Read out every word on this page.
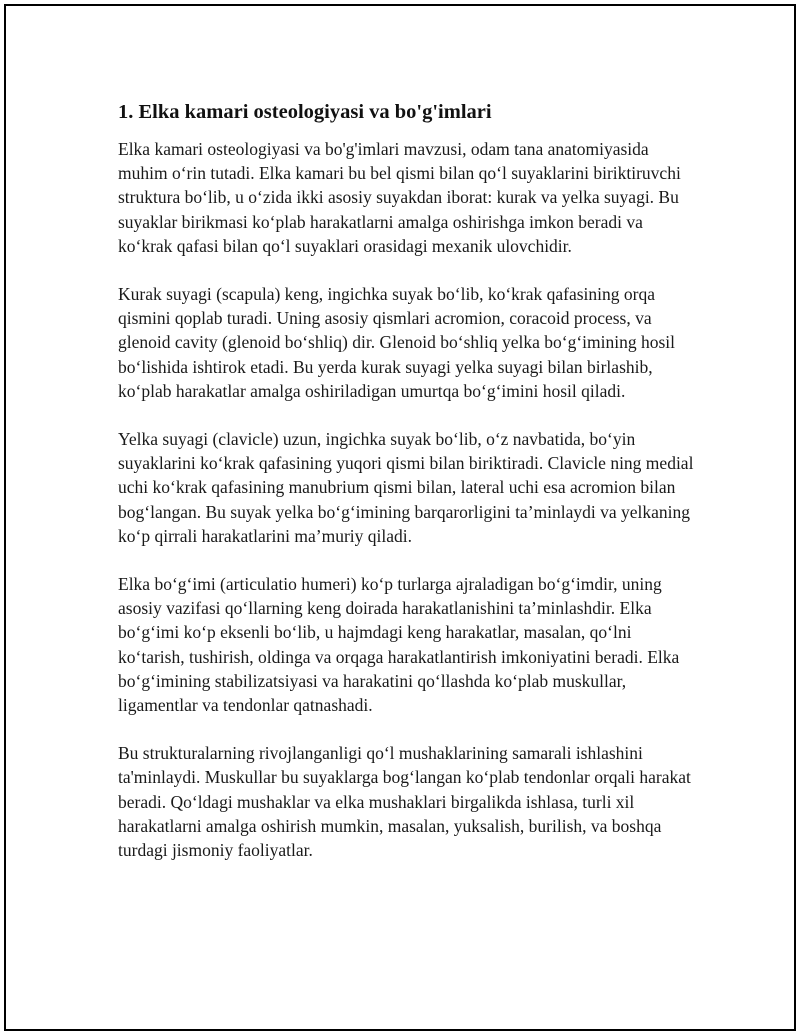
1. Elka kamari osteologiyasi va bo'g'imlari

Elka kamari osteologiyasi va bo'g'imlari mavzusi, odam tana anatomiyasida muhim o‘rin tutadi. Elka kamari bu bel qismi bilan qo‘l suyaklarini biriktiruvchi struktura bo‘lib, u o‘zida ikki asosiy suyakdan iborat: kurak va yelka suyagi. Bu suyaklar birikmasi ko‘plab harakatlarni amalga oshirishga imkon beradi va ko‘krak qafasi bilan qo‘l suyaklari orasidagi mexanik ulovchidir.

Kurak suyagi (scapula) keng, ingichka suyak bo‘lib, ko‘krak qafasining orqa qismini qoplab turadi. Uning asosiy qismlari acromion, coracoid process, va glenoid cavity (glenoid bo‘shliq) dir. Glenoid bo‘shliq yelka bo‘g‘imining hosil bo‘lishida ishtirok etadi. Bu yerda kurak suyagi yelka suyagi bilan birlashib, ko‘plab harakatlar amalga oshiriladigan umurtqa bo‘g‘imini hosil qiladi.

Yelka suyagi (clavicle) uzun, ingichka suyak bo‘lib, o‘z navbatida, bo‘yin suyaklarini ko‘krak qafasining yuqori qismi bilan biriktiradi. Clavicle ning medial uchi ko‘krak qafasining manubrium qismi bilan, lateral uchi esa acromion bilan bog‘langan. Bu suyak yelka bo‘g‘imining barqarorligini ta’minlaydi va yelkaning ko‘p qirrali harakatlarini ma’muriy qiladi.

Elka bo‘g‘imi (articulatio humeri) ko‘p turlarga ajraladigan bo‘g‘imdir, uning asosiy vazifasi qo‘llarning keng doirada harakatlanishini ta’minlashdir. Elka bo‘g‘imi ko‘p eksenli bo‘lib, u hajmdagi keng harakatlar, masalan, qo‘lni ko‘tarish, tushirish, oldinga va orqaga harakatlantirish imkoniyatini beradi. Elka bo‘g‘imining stabilizatsiyasi va harakatini qo‘llashda ko‘plab muskullar, ligamentlar va tendonlar qatnashadi.

Bu strukturalarning rivojlanganligi qo‘l mushaklarining samarali ishlashini ta'minlaydi. Muskullar bu suyaklarga bog‘langan ko‘plab tendonlar orqali harakat beradi. Qo‘ldagi mushaklar va elka mushaklari birgalikda ishlasa, turli xil harakatlarni amalga oshirish mumkin, masalan, yuksalish, burilish, va boshqa turdagi jismoniy faoliyatlar.
